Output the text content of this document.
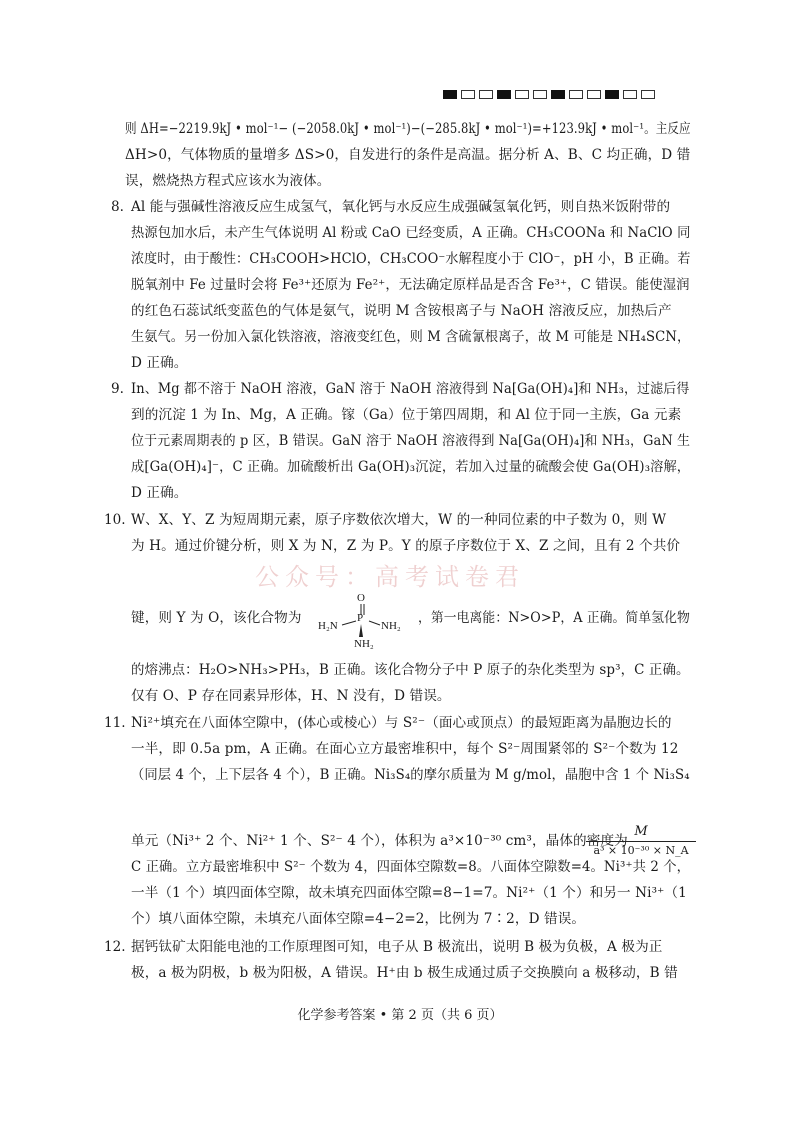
则 ΔH=−2219.9kJ • mol⁻¹− (−2058.0kJ • mol⁻¹)−(−285.8kJ • mol⁻¹)=+123.9kJ • mol⁻¹。主反应
ΔH>0，气体物质的量增多 ΔS>0，自发进行的条件是高温。据分析 A、B、C 均正确，D 错
误，燃烧热方程式应该水为液体。
Al 能与强碱性溶液反应生成氢气，氧化钙与水反应生成强碱氢氧化钙，则自热米饭附带的
热源包加水后，未产生气体说明 Al 粉或 CaO 已经变质，A 正确。CH₃COONa 和 NaClO 同
浓度时，由于酸性：CH₃COOH>HClO，CH₃COO⁻水解程度小于 ClO⁻，pH 小，B 正确。若
脱氧剂中 Fe 过量时会将 Fe³⁺还原为 Fe²⁺，无法确定原样品是否含 Fe³⁺，C 错误。能使湿润
的红色石蕊试纸变蓝色的气体是氨气，说明 M 含铵根离子与 NaOH 溶液反应，加热后产
生氨气。另一份加入氯化铁溶液，溶液变红色，则 M 含硫氰根离子，故 M 可能是 NH₄SCN，
D 正确。
In、Mg 都不溶于 NaOH 溶液，GaN 溶于 NaOH 溶液得到 Na[Ga(OH)₄]和 NH₃，过滤后得
到的沉淀 1 为 In、Mg，A 正确。镓（Ga）位于第四周期，和 Al 位于同一主族，Ga 元素
位于元素周期表的 p 区，B 错误。GaN 溶于 NaOH 溶液得到 Na[Ga(OH)₄]和 NH₃，GaN 生
成[Ga(OH)₄]⁻，C 正确。加硫酸析出 Ga(OH)₃沉淀，若加入过量的硫酸会使 Ga(OH)₃溶解，
D 正确。
W、X、Y、Z 为短周期元素，原子序数依次增大，W 的一种同位素的中子数为 0，则 W
为 H。通过价键分析，则 X 为 N，Z 为 P。Y 的原子序数位于 X、Z 之间，且有 2 个共价
键，则 Y 为 O，该化合物为	，第一电离能：N>O>P，A 正确。简单氢化物
的熔沸点：H₂O>NH₃>PH₃，B 正确。该化合物分子中 P 原子的杂化类型为 sp³，C 正确。
仅有 O、P 存在同素异形体，H、N 没有，D 错误。
Ni²⁺填充在八面体空隙中，(体心或棱心）与 S²⁻（面心或顶点）的最短距离为晶胞边长的
一半，即 0.5a pm，A 正确。在面心立方最密堆积中，每个 S²⁻周围紧邻的 S²⁻个数为 12
（同层 4 个，上下层各 4 个），B 正确。Ni₃S₄的摩尔质量为 M g/mol，晶胞中含 1 个 Ni₃S₄
单元（Ni³⁺ 2 个、Ni²⁺ 1 个、S²⁻ 4 个），体积为 a³×10⁻³⁰ cm³，晶体的密度为
C 正确。立方最密堆积中 S²⁻ 个数为 4，四面体空隙数=8。八面体空隙数=4。Ni³⁺共 2 个，
一半（1 个）填四面体空隙，故未填充四面体空隙=8−1=7。Ni²⁺（1 个）和另一 Ni³⁺（1
个）填八面体空隙，未填充八面体空隙=4−2=2，比例为 7∶2，D 错误。
据钙钛矿太阳能电池的工作原理图可知，电子从 B 极流出，说明 B 极为负极，A 极为正
极，a 极为阴极，b 极为阳极，A 错误。H⁺由 b 极生成通过质子交换膜向 a 极移动，B 错
8.
9.
10.
11.
12.
公众号：高考试卷君
O
P
H₂N	NH₂
NH₂
M
a³ × 10⁻³⁰ × N_A
化学参考答案 • 第 2 页（共 6 页）
